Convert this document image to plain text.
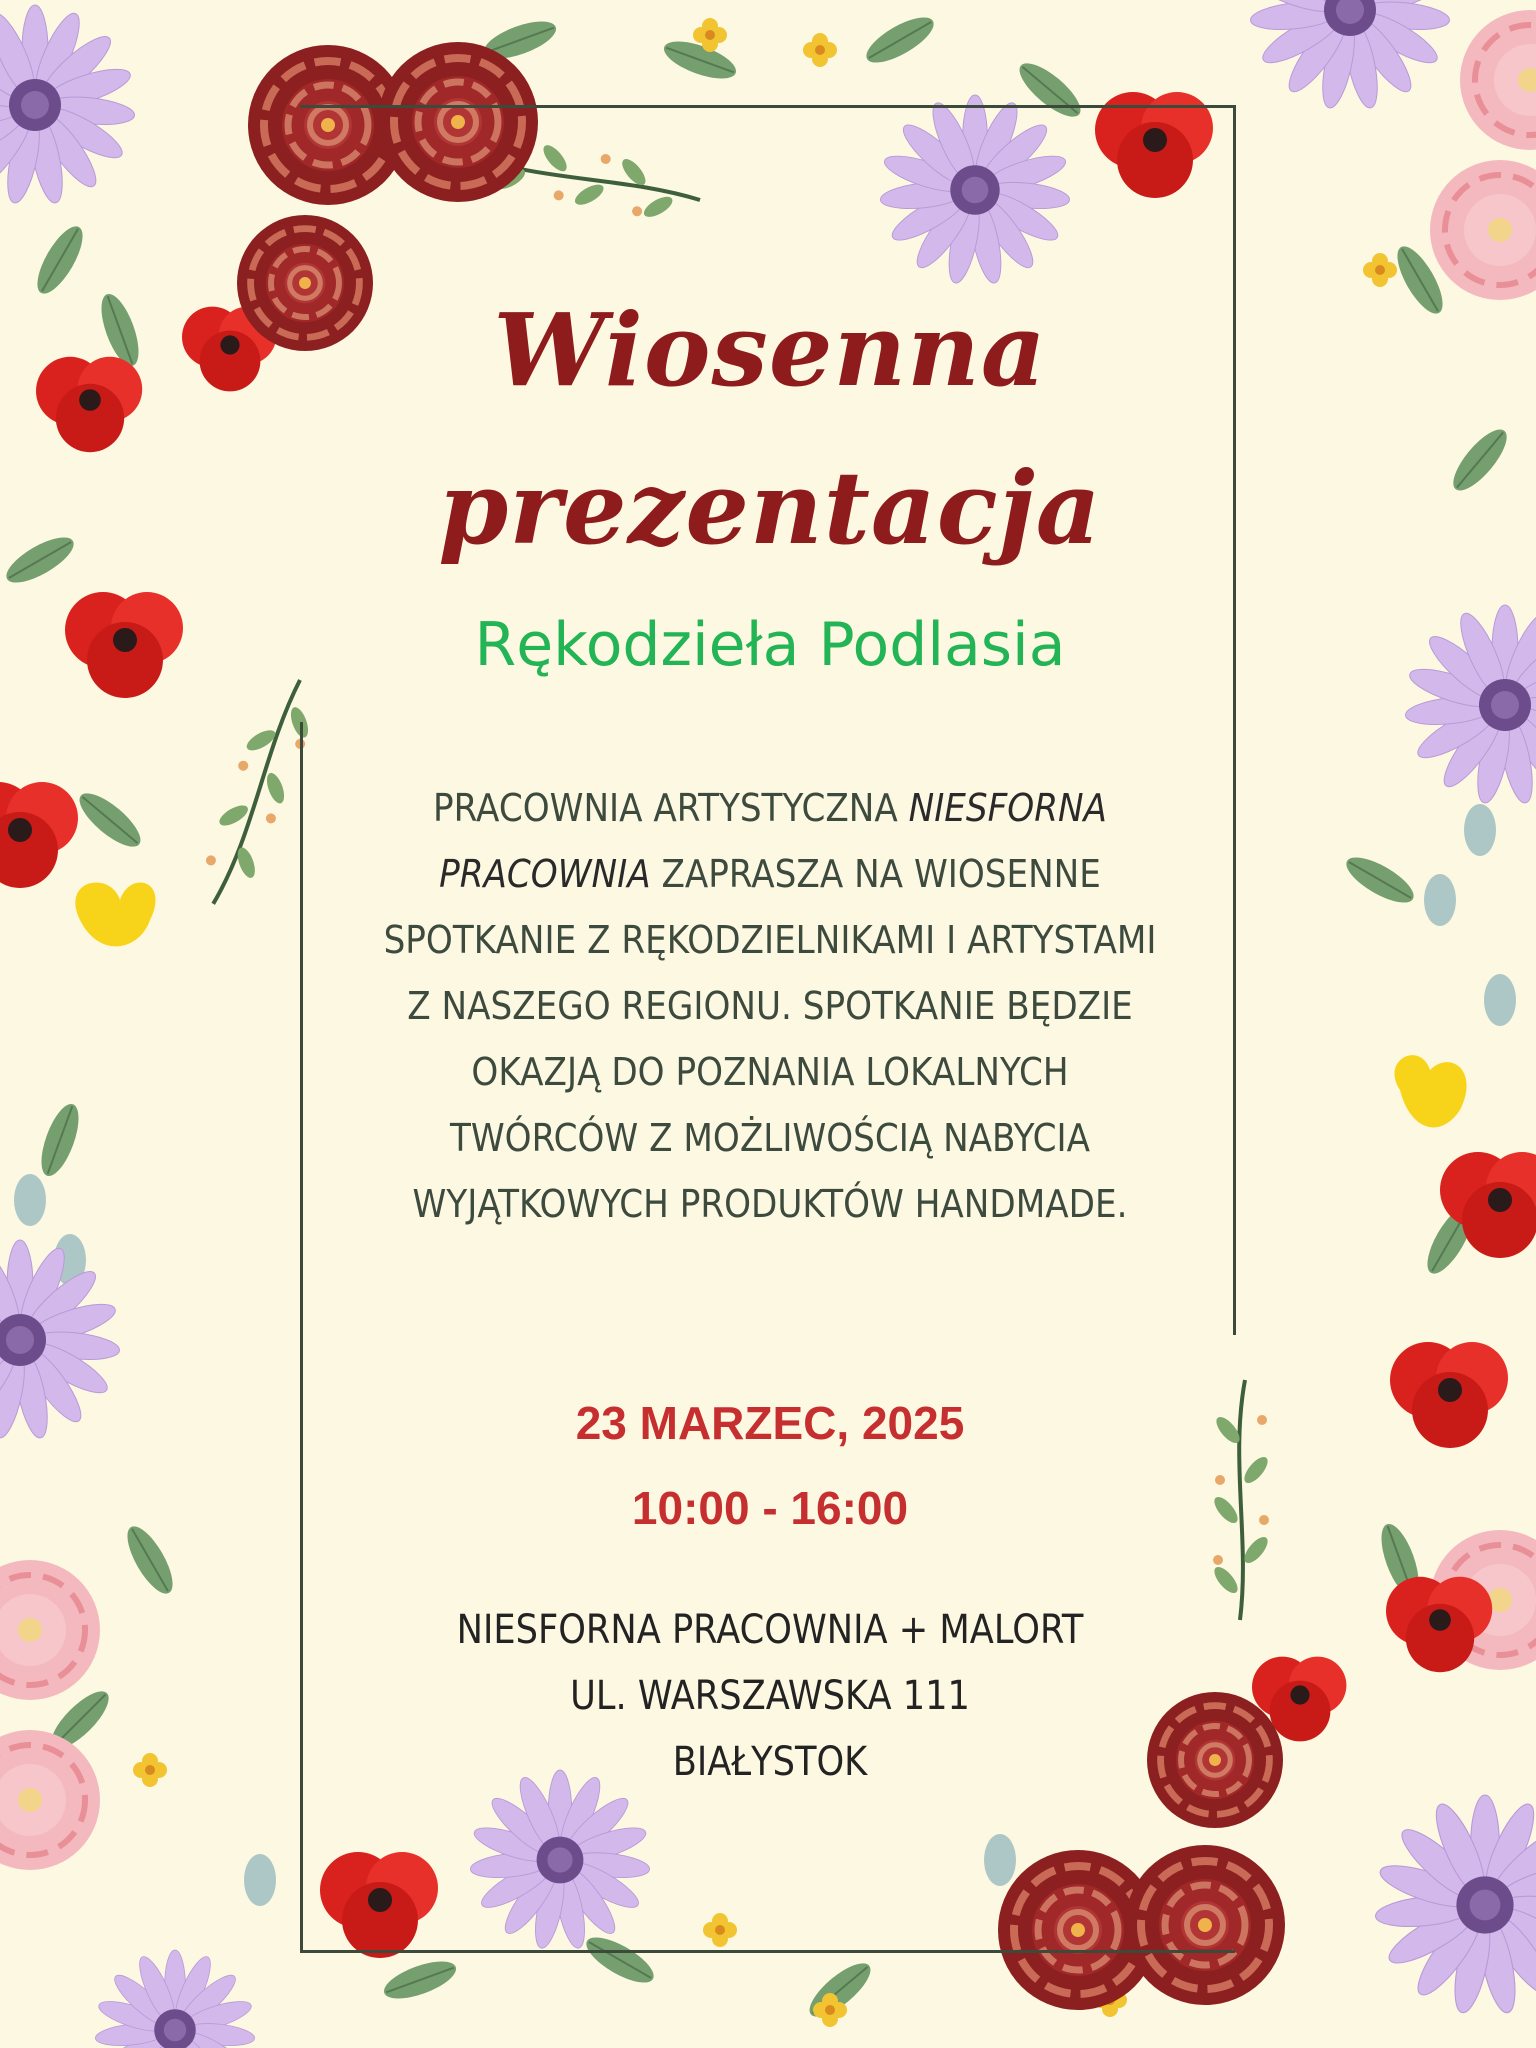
Wiosenna
prezentacja
Rękodzieła Podlasia
PRACOWNIA ARTYSTYCZNA NIESFORNA PRACOWNIA ZAPRASZA NA WIOSENNE SPOTKANIE Z RĘKODZIELNIKAMI I ARTYSTAMI Z NASZEGO REGIONU. SPOTKANIE BĘDZIE OKAZJĄ DO POZNANIA LOKALNYCH TWÓRCÓW Z MOŻLIWOŚCIĄ NABYCIA WYJĄTKOWYCH PRODUKTÓW HANDMADE.
23 MARZEC, 2025
10:00 - 16:00
NIESFORNA PRACOWNIA + MALORT
UL. WARSZAWSKA 111
BIAŁYSTOK
